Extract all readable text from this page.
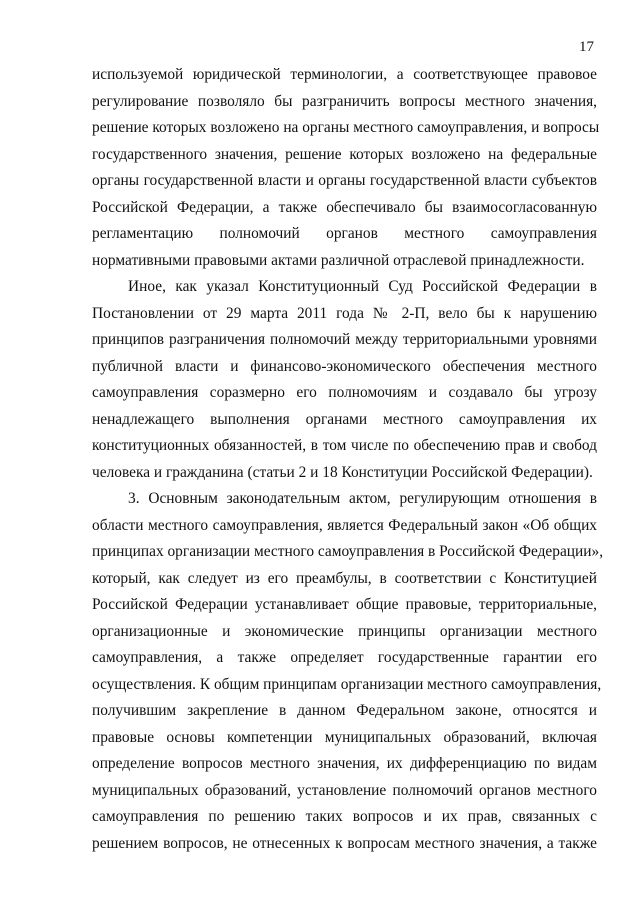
17
используемой юридической терминологии, а соответствующее правовое
регулирование позволяло бы разграничить вопросы местного значения,
решение которых возложено на органы местного самоуправления, и вопросы
государственного значения, решение которых возложено на федеральные
органы государственной власти и органы государственной власти субъектов
Российской Федерации, а также обеспечивало бы взаимосогласованную
регламентацию полномочий органов местного самоуправления
нормативными правовыми актами различной отраслевой принадлежности.
Иное, как указал Конституционный Суд Российской Федерации в
Постановлении от 29 марта 2011 года № 2-П, вело бы к нарушению
принципов разграничения полномочий между территориальными уровнями
публичной власти и финансово-экономического обеспечения местного
самоуправления соразмерно его полномочиям и создавало бы угрозу
ненадлежащего выполнения органами местного самоуправления их
конституционных обязанностей, в том числе по обеспечению прав и свобод
человека и гражданина (статьи 2 и 18 Конституции Российской Федерации).
3. Основным законодательным актом, регулирующим отношения в
области местного самоуправления, является Федеральный закон «Об общих
принципах организации местного самоуправления в Российской Федерации»,
который, как следует из его преамбулы, в соответствии с Конституцией
Российской Федерации устанавливает общие правовые, территориальные,
организационные и экономические принципы организации местного
самоуправления, а также определяет государственные гарантии его
осуществления. К общим принципам организации местного самоуправления,
получившим закрепление в данном Федеральном законе, относятся и
правовые основы компетенции муниципальных образований, включая
определение вопросов местного значения, их дифференциацию по видам
муниципальных образований, установление полномочий органов местного
самоуправления по решению таких вопросов и их прав, связанных с
решением вопросов, не отнесенных к вопросам местного значения, а также
